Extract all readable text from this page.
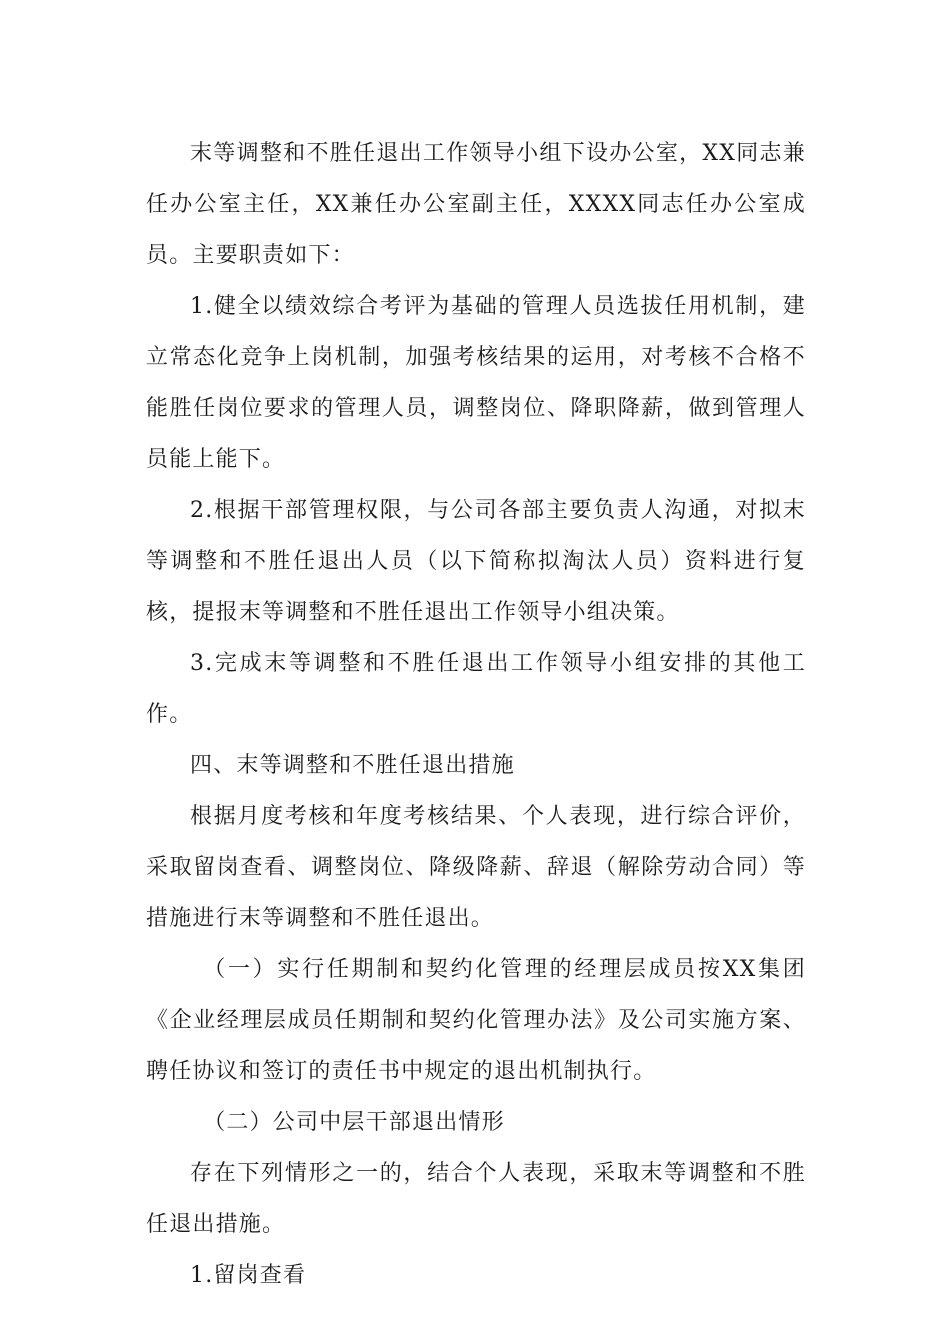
末等调整和不胜任退出工作领导小组下设办公室，XX同志兼任办公室主任，XX兼任办公室副主任，XXXX同志任办公室成员。主要职责如下：

1.健全以绩效综合考评为基础的管理人员选拔任用机制，建立常态化竞争上岗机制，加强考核结果的运用，对考核不合格不能胜任岗位要求的管理人员，调整岗位、降职降薪，做到管理人员能上能下。

2.根据干部管理权限，与公司各部主要负责人沟通，对拟末等调整和不胜任退出人员（以下简称拟淘汰人员）资料进行复核，提报末等调整和不胜任退出工作领导小组决策。

3.完成末等调整和不胜任退出工作领导小组安排的其他工作。

四、末等调整和不胜任退出措施

根据月度考核和年度考核结果、个人表现，进行综合评价，采取留岗查看、调整岗位、降级降薪、辞退（解除劳动合同）等措施进行末等调整和不胜任退出。

（一）实行任期制和契约化管理的经理层成员按XX集团《企业经理层成员任期制和契约化管理办法》及公司实施方案、聘任协议和签订的责任书中规定的退出机制执行。

（二）公司中层干部退出情形

存在下列情形之一的，结合个人表现，采取末等调整和不胜任退出措施。

1.留岗查看
